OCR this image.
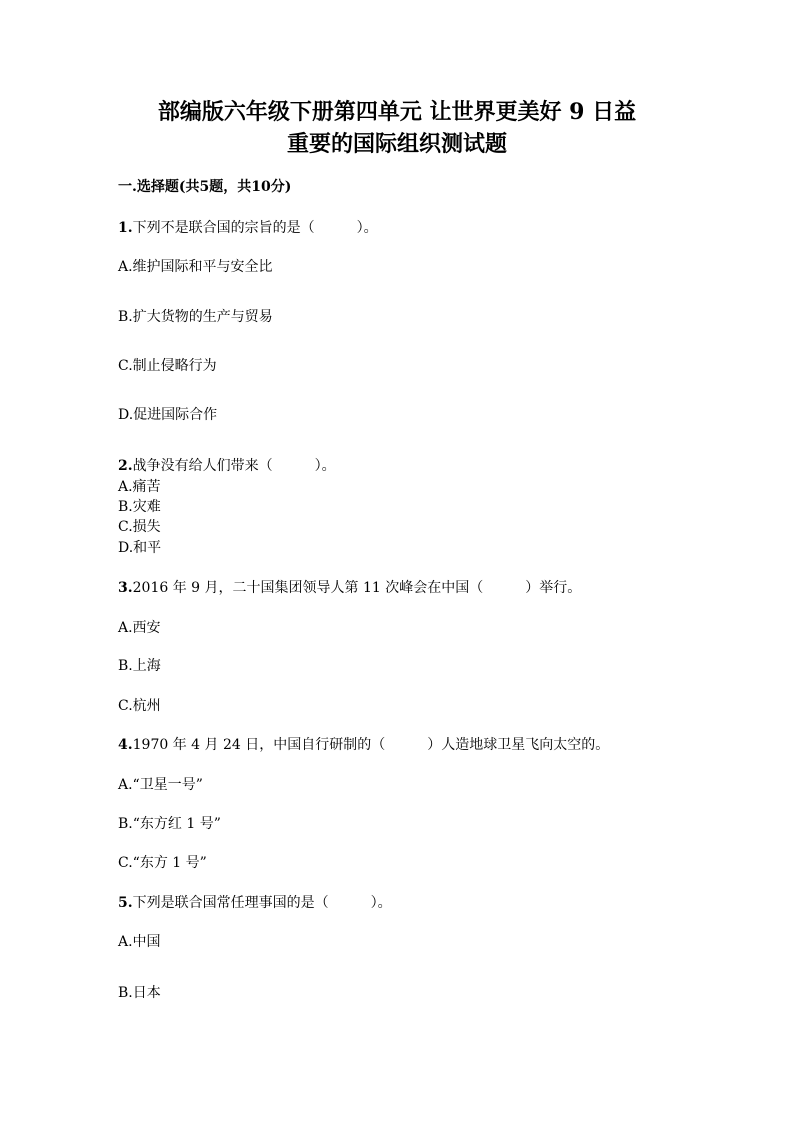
部编版六年级下册第四单元 让世界更美好 9 日益
重要的国际组织测试题
一.选择题(共5题，共10分)
1.下列不是联合国的宗旨的是（　　　）。
A.维护国际和平与安全比
B.扩大货物的生产与贸易
C.制止侵略行为
D.促进国际合作
2.战争没有给人们带来（　　　）。
A.痛苦
B.灾难
C.损失
D.和平
3.2016 年 9 月，二十国集团领导人第 11 次峰会在中国（　　　）举行。
A.西安
B.上海
C.杭州
4.1970 年 4 月 24 日，中国自行研制的（　　　）人造地球卫星飞向太空的。
A.“卫星一号”
B.“东方红 1 号”
C.“东方 1 号”
5.下列是联合国常任理事国的是（　　　）。
A.中国
B.日本
